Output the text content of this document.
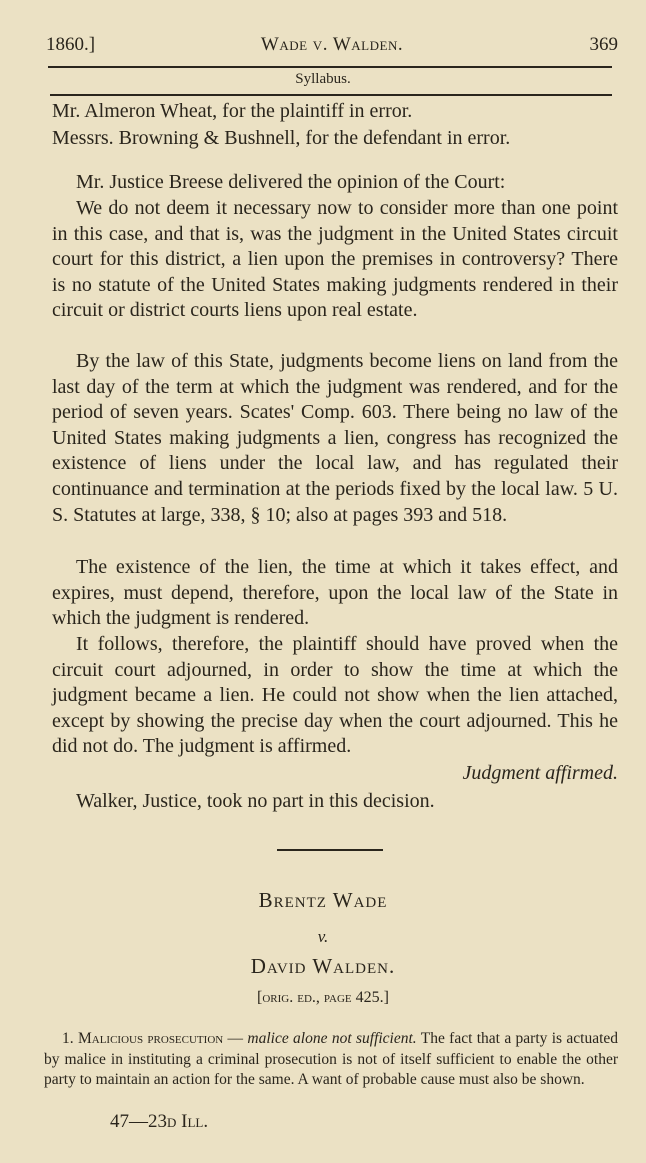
1860.]	Wade v. Walden.	369
Syllabus.
Mr. Almeron Wheat, for the plaintiff in error.
Messrs. Browning & Bushnell, for the defendant in error.
Mr. Justice Breese delivered the opinion of the Court:
We do not deem it necessary now to consider more than one point in this case, and that is, was the judgment in the United States circuit court for this district, a lien upon the premises in controversy? There is no statute of the United States making judgments rendered in their circuit or district courts liens upon real estate.
By the law of this State, judgments become liens on land from the last day of the term at which the judgment was rendered, and for the period of seven years. Scates' Comp. 603. There being no law of the United States making judgments a lien, congress has recognized the existence of liens under the local law, and has regulated their continuance and termination at the periods fixed by the local law. 5 U. S. Statutes at large, 338, § 10; also at pages 393 and 518.
The existence of the lien, the time at which it takes effect, and expires, must depend, therefore, upon the local law of the State in which the judgment is rendered.
It follows, therefore, the plaintiff should have proved when the circuit court adjourned, in order to show the time at which the judgment became a lien. He could not show when the lien attached, except by showing the precise day when the court adjourned. This he did not do. The judgment is affirmed.
Judgment affirmed.
Walker, Justice, took no part in this decision.
Brentz Wade
v.
David Walden.
[orig. ed., page 425.]
1. Malicious prosecution — malice alone not sufficient. The fact that a party is actuated by malice in instituting a criminal prosecution is not of itself sufficient to enable the other party to maintain an action for the same. A want of probable cause must also be shown.
47—23d Ill.
